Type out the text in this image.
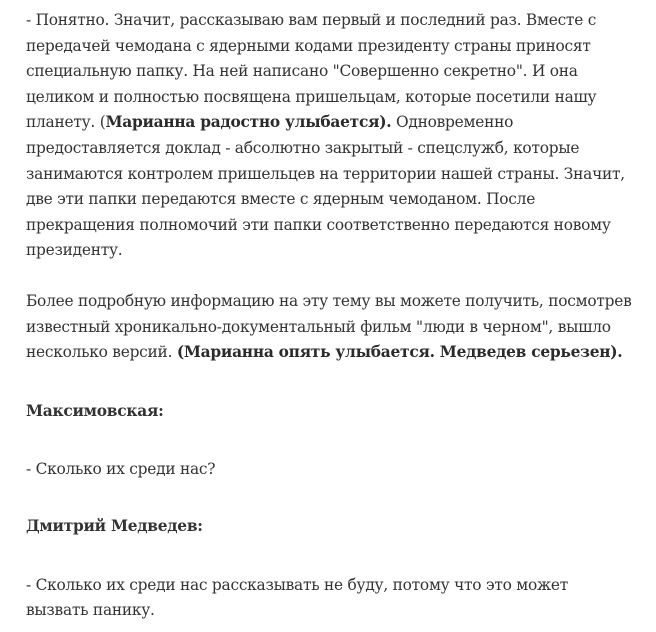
- Понятно. Значит, рассказываю вам первый и последний раз. Вместе с передачей чемодана с ядерными кодами президенту страны приносят специальную папку. На ней написано "Совершенно секретно". И она целиком и полностью посвящена пришельцам, которые посетили нашу планету. (Марианна радостно улыбается). Одновременно предоставляется доклад - абсолютно закрытый - спецслужб, которые занимаются контролем пришельцев на территории нашей страны. Значит, две эти папки передаются вместе с ядерным чемоданом. После прекращения полномочий эти папки соответственно передаются новому президенту.

Более подробную информацию на эту тему вы можете получить, посмотрев известный хроникально-документальный фильм "люди в черном", вышло несколько версий. (Марианна опять улыбается. Медведев серьезен).

Максимовская:

- Сколько их среди нас?

Дмитрий Медведев:

- Сколько их среди нас рассказывать не буду, потому что это может вызвать панику.
